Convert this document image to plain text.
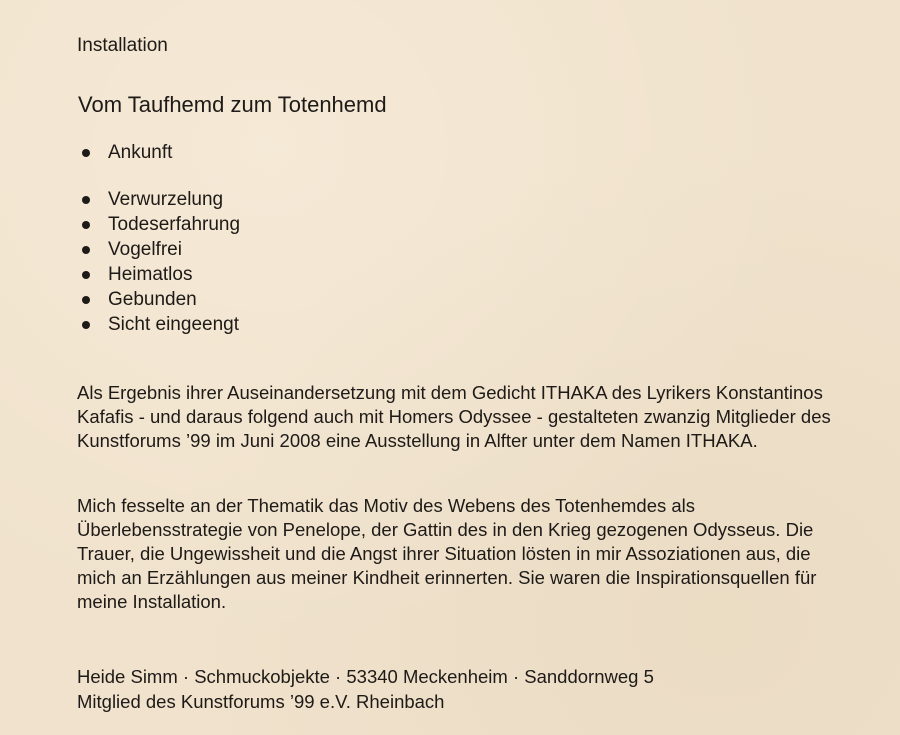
Installation

Vom Taufhemd zum Totenhemd
Ankunft
Verwurzelung
Todeserfahrung
Vogelfrei
Heimatlos
Gebunden
Sicht eingeengt

Als Ergebnis ihrer Auseinandersetzung mit dem Gedicht ITHAKA des Lyrikers Konstantinos Kafafis - und daraus folgend auch mit Homers Odyssee - gestalteten zwanzig Mitglieder des Kunstforums ’99 im Juni 2008 eine Ausstellung in Alfter unter dem Namen ITHAKA.

Mich fesselte an der Thematik das Motiv des Webens des Totenhemdes als Überlebensstrategie von Penelope, der Gattin des in den Krieg gezogenen Odysseus. Die Trauer, die Ungewissheit und die Angst ihrer Situation lösten in mir Assoziationen aus, die mich an Erzählungen aus meiner Kindheit erinnerten. Sie waren die Inspirationsquellen für meine Installation.

Heide Simm · Schmuckobjekte · 53340 Meckenheim · Sanddornweg 5

Mitglied des Kunstforums ’99 e.V. Rheinbach
